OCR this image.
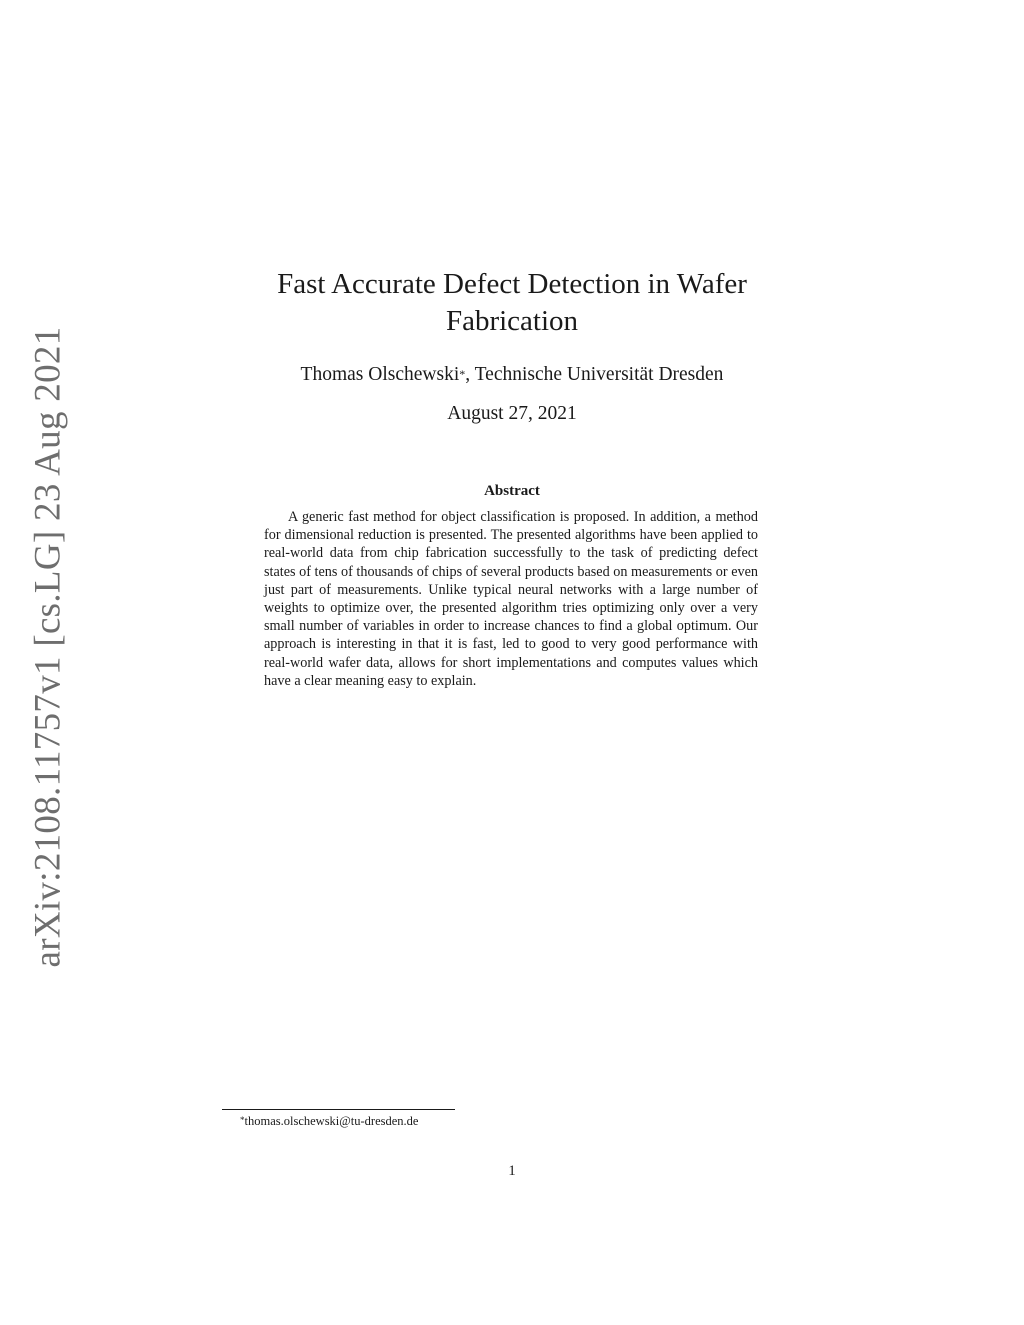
arXiv:2108.11757v1 [cs.LG] 23 Aug 2021
Fast Accurate Defect Detection in Wafer Fabrication
Thomas Olschewski*, Technische Universität Dresden
August 27, 2021
Abstract

A generic fast method for object classification is proposed. In addition, a method for dimensional reduction is presented. The presented algorithms have been applied to real-world data from chip fabrication successfully to the task of predicting defect states of tens of thousands of chips of several products based on measurements or even just part of measurements. Unlike typical neural networks with a large number of weights to optimize over, the presented algorithm tries optimizing only over a very small number of variables in order to increase chances to find a global optimum. Our approach is interesting in that it is fast, led to good to very good performance with real-world wafer data, allows for short implementations and computes values which have a clear meaning easy to explain.

*thomas.olschewski@tu-dresden.de
1
